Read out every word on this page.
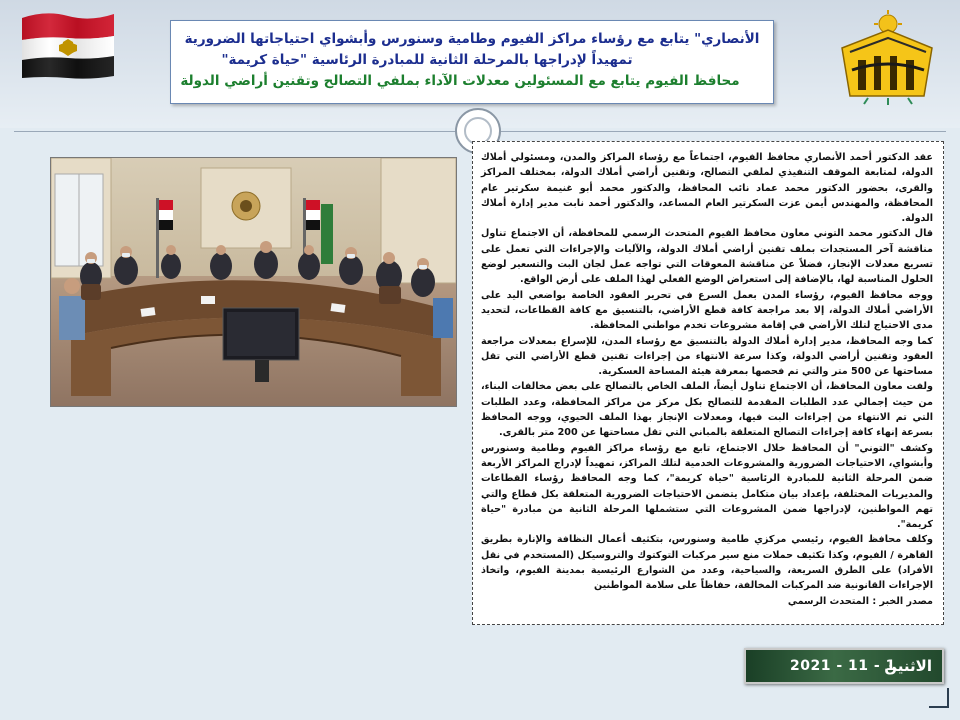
الأنصاري" يتابع مع رؤساء مراكز الفيوم وطامية وسنورس وأبشواي احتياجاتها الضرورية
تمهيداً لإدراجها بالمرحلة الثانية للمبادرة الرئاسية "حياة كريمة"
محافظ الفيوم يتابع مع المسئولين معدلات الآداء بملفي التصالح وتقنين أراضي الدولة

عقد الدكتور أحمد الأنصاري محافظ الفيوم، اجتماعاً مع رؤساء المراكز والمدن، ومسئولي أملاك الدولة، لمتابعة الموقف التنفيذي لملفي التصالح، وتقنين أراضي أملاك الدولة، بمختلف المراكز والقرى، بحضور الدكتور محمد عماد نائب المحافظ، والدكتور محمد أبو غنيمة سكرتير عام المحافظة، والمهندس أيمن عزت السكرتير العام المساعد، والدكتور أحمد نابت مدير إدارة أملاك الدولة.

قال الدكتور محمد التوني معاون محافظ الفيوم المتحدث الرسمي للمحافظة، أن الاجتماع تناول مناقشة آخر المستجدات بملف تقنين أراضي أملاك الدولة، والآليات والإجراءات التي تعمل على تسريع معدلات الإنجاز، فضلاً عن مناقشة المعوقات التي تواجه عمل لجان البت والتسعير لوضع الحلول المناسبة لها، بالإضافة إلى استعراض الوضع الفعلي لهذا الملف على أرض الواقع.

ووجه محافظ الفيوم، رؤساء المدن بعمل السرع في تحرير العقود الخاصة بواضعي اليد على الأراضي أملاك الدولة، إلا بعد مراجعة كافة قطع الأراضي، بالتنسيق مع كافة القطاعات، لتحديد مدى الاحتياج لتلك الأراضي في إقامة مشروعات تخدم مواطني المحافظة.

كما وجه المحافظ، مدير إدارة أملاك الدولة بالتنسيق مع رؤساء المدن، للإسراع بمعدلات مراجعة العقود وتقنين أراضي الدولة، وكذا سرعة الانتهاء من إجراءات تقنين قطع الأراضي التي تقل مساحتها عن 500 متر والتي تم فحصها بمعرفة هيئة المساحة العسكرية.

ولفت معاون المحافظ، أن الاجتماع تناول أيضاً، الملف الخاص بالتصالح على بعض مخالفات البناء، من حيث إجمالي عدد الطلبات المقدمة للتصالح بكل مركز من مراكز المحافظة، وعدد الطلبات التي تم الانتهاء من إجراءات البت فيها، ومعدلات الإنجاز بهذا الملف الحيوي، ووجه المحافظ بسرعة إنهاء كافة إجراءات التصالح المتعلقة بالمباني التي تقل مساحتها عن 200 متر بالقرى.

وكشف "التوني" أن المحافظ خلال الاجتماع، تابع مع رؤساء مراكز الفيوم وطامية وسنورس وأبشواي، الاحتياجات الضرورية والمشروعات الخدمية لتلك المراكز، تمهيداً لإدراج المراكز الأربعة ضمن المرحلة الثانية للمبادرة الرئاسية "حياة كريمة"، كما وجه المحافظ رؤساء القطاعات والمديريات المختلفة، بإعداد بيان متكامل يتضمن الاحتياجات الضرورية المتعلقة بكل قطاع والتي تهم المواطنين، لإدراجها ضمن المشروعات التي ستشملها المرحلة الثانية من مبادرة "حياة كريمة".

وكلف محافظ الفيوم، رئيسي مركزي طامية وسنورس، بتكثيف أعمال النظافة والإنارة بطريق القاهرة / الفيوم، وكذا تكثيف حملات منع سير مركبات التوكتوك والتروسيكل (المستخدم في نقل الأفراد) على الطرق السريعة، والسياحية، وعدد من الشوارع الرئيسية بمدينة الفيوم، واتخاذ الإجراءات القانونية ضد المركبات المخالفة، حفاظاً على سلامة المواطنين

مصدر الخبر : المتحدث الرسمي

الاثنين
2021 - 11 - 1
